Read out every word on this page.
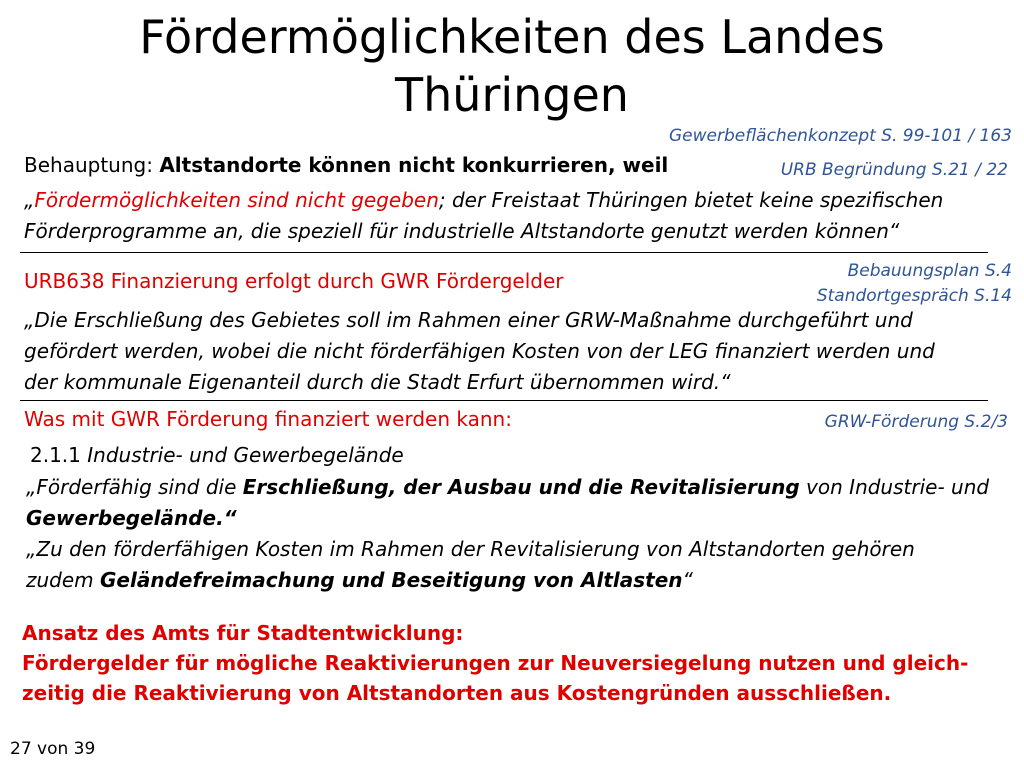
Fördermöglichkeiten des Landes
Thüringen
Gewerbeflächenkonzept S. 99-101 / 163
URB Begründung S.21 / 22
Bebauungsplan S.4
Standortgespräch S.14
GRW-Förderung S.2/3
Behauptung: Altstandorte können nicht konkurrieren, weil
„Fördermöglichkeiten sind nicht gegeben; der Freistaat Thüringen bietet keine spezifischen
Förderprogramme an, die speziell für industrielle Altstandorte genutzt werden können“
URB638 Finanzierung erfolgt durch GWR Fördergelder
„Die Erschließung des Gebietes soll im Rahmen einer GRW-Maßnahme durchgeführt und
gefördert werden, wobei die nicht förderfähigen Kosten von der LEG finanziert werden und
der kommunale Eigenanteil durch die Stadt Erfurt übernommen wird.“
Was mit GWR Förderung finanziert werden kann:
2.1.1 Industrie- und Gewerbegelände
„Förderfähig sind die Erschließung, der Ausbau und die Revitalisierung von Industrie- und
Gewerbegelände.“
„Zu den förderfähigen Kosten im Rahmen der Revitalisierung von Altstandorten gehören
zudem Geländefreimachung und Beseitigung von Altlasten“
Ansatz des Amts für Stadtentwicklung:
Fördergelder für mögliche Reaktivierungen zur Neuversiegelung nutzen und gleich-
zeitig die Reaktivierung von Altstandorten aus Kostengründen ausschließen.
27 von 39
